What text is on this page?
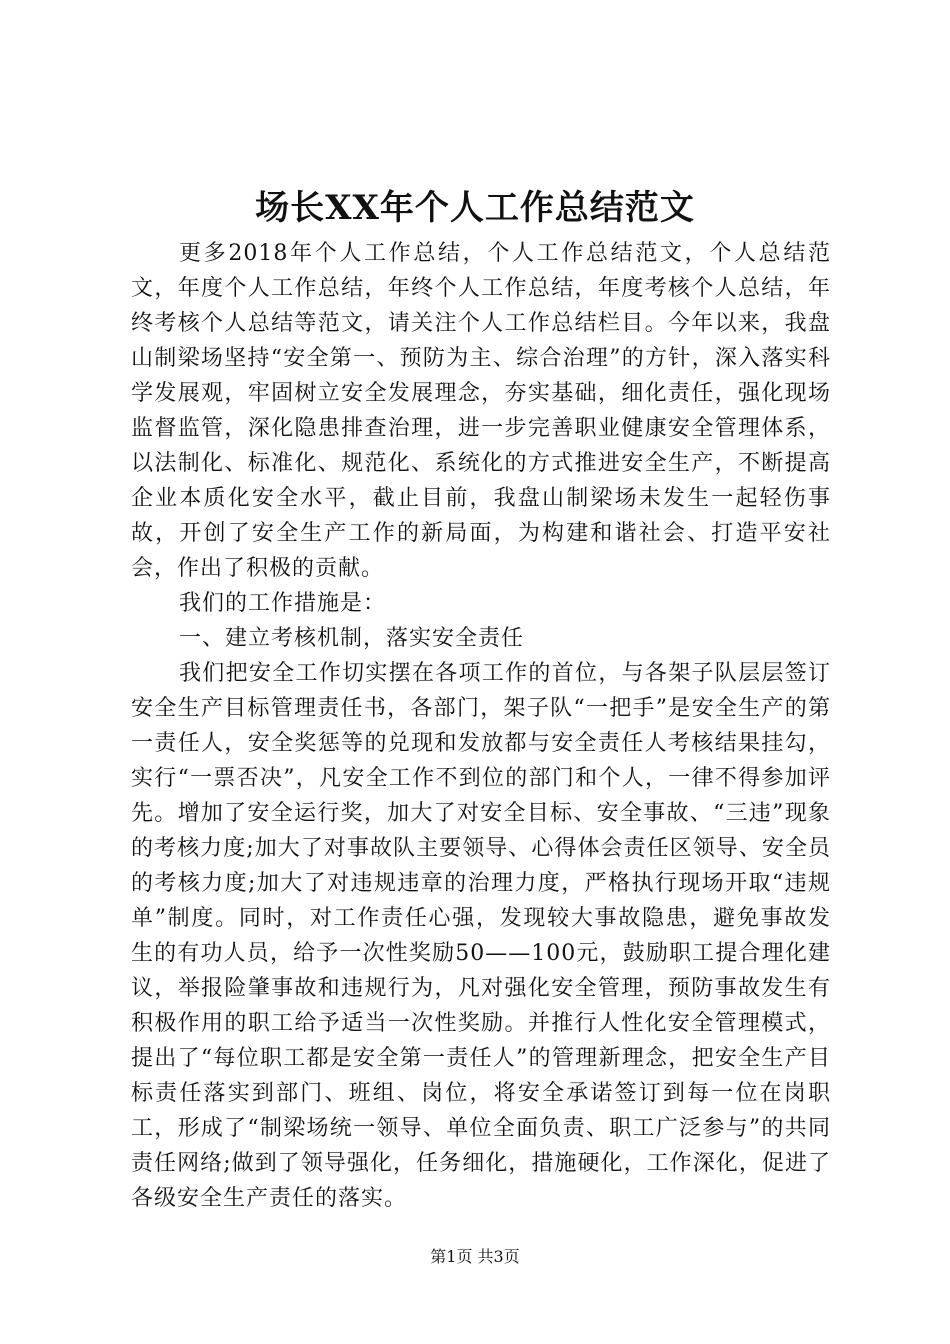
场长XX年个人工作总结范文

更多2018年个人工作总结，个人工作总结范文，个人总结范文，年度个人工作总结，年终个人工作总结，年度考核个人总结，年终考核个人总结等范文，请关注个人工作总结栏目。今年以来，我盘山制梁场坚持“安全第一、预防为主、综合治理”的方针，深入落实科学发展观，牢固树立安全发展理念，夯实基础，细化责任，强化现场监督监管，深化隐患排查治理，进一步完善职业健康安全管理体系，以法制化、标准化、规范化、系统化的方式推进安全生产，不断提高企业本质化安全水平，截止目前，我盘山制梁场未发生一起轻伤事故，开创了安全生产工作的新局面，为构建和谐社会、打造平安社会，作出了积极的贡献。

我们的工作措施是：

一、建立考核机制，落实安全责任

我们把安全工作切实摆在各项工作的首位，与各架子队层层签订安全生产目标管理责任书，各部门，架子队“一把手”是安全生产的第一责任人，安全奖惩等的兑现和发放都与安全责任人考核结果挂勾，实行“一票否决”，凡安全工作不到位的部门和个人，一律不得参加评先。增加了安全运行奖，加大了对安全目标、安全事故、“三违”现象的考核力度;加大了对事故队主要领导、心得体会责任区领导、安全员的考核力度;加大了对违规违章的治理力度，严格执行现场开取“违规单”制度。同时，对工作责任心强，发现较大事故隐患，避免事故发生的有功人员，给予一次性奖励50——100元，鼓励职工提合理化建议，举报险肇事故和违规行为，凡对强化安全管理，预防事故发生有积极作用的职工给予适当一次性奖励。并推行人性化安全管理模式，提出了“每位职工都是安全第一责任人”的管理新理念，把安全生产目标责任落实到部门、班组、岗位，将安全承诺签订到每一位在岗职工，形成了“制梁场统一领导、单位全面负责、职工广泛参与”的共同责任网络;做到了领导强化，任务细化，措施硬化，工作深化，促进了各级安全生产责任的落实。

第1页 共3页
